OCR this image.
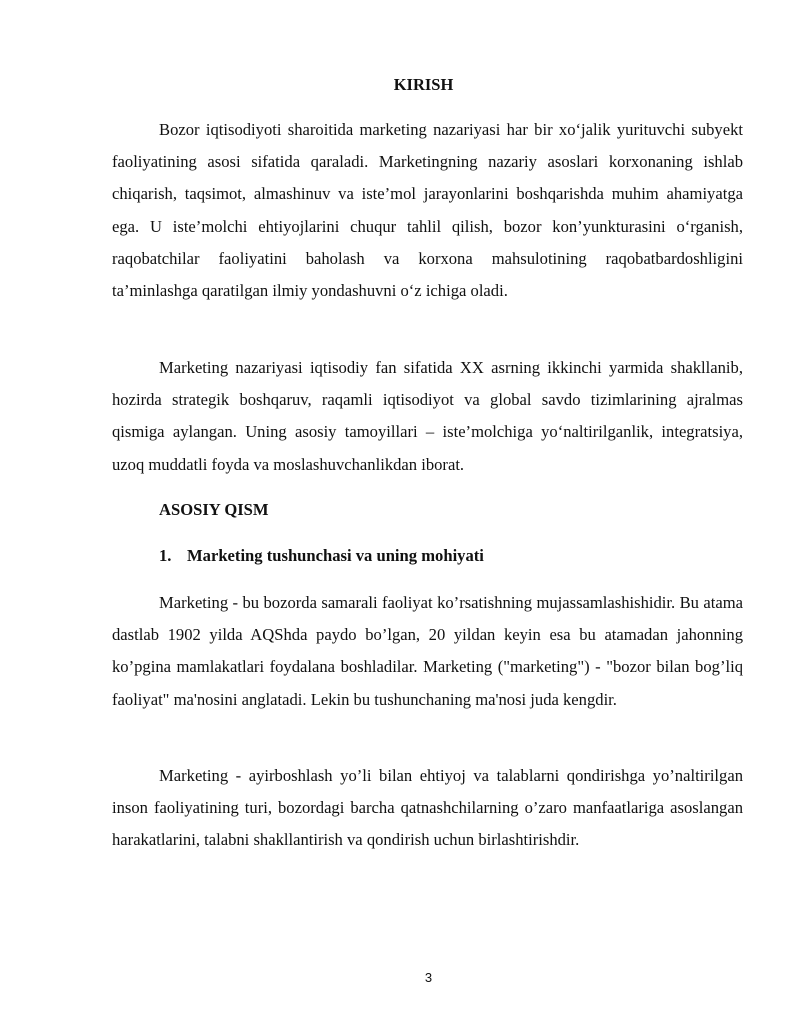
KIRISH

Bozor iqtisodiyoti sharoitida marketing nazariyasi har bir xo‘jalik yurituvchi subyekt faoliyatining asosi sifatida qaraladi. Marketingning nazariy asoslari korxonaning ishlab chiqarish, taqsimot, almashinuv va iste’mol jarayonlarini boshqarishda muhim ahamiyatga ega. U iste’molchi ehtiyojlarini chuqur tahlil qilish, bozor kon’yunkturasini o‘rganish, raqobatchilar faoliyatini baholash va korxona mahsulotining raqobatbardoshligini ta’minlashga qaratilgan ilmiy yondashuvni o‘z ichiga oladi.

Marketing nazariyasi iqtisodiy fan sifatida XX asrning ikkinchi yarmida shakllanib, hozirda strategik boshqaruv, raqamli iqtisodiyot va global savdo tizimlarining ajralmas qismiga aylangan. Uning asosiy tamoyillari – iste’molchiga yo‘naltirilganlik, integratsiya, uzoq muddatli foyda va moslashuvchanlikdan iborat.

ASOSIY QISM
1. Marketing tushunchasi va uning mohiyati

Marketing - bu bozorda samarali faoliyat ko’rsatishning mujassamlashishidir. Bu atama dastlab 1902 yilda AQShda paydo bo’lgan, 20 yildan keyin esa bu atamadan jahonning ko’pgina mamlakatlari foydalana boshladilar. Marketing ("marketing") - "bozor bilan bog’liq faoliyat" ma'nosini anglatadi. Lekin bu tushunchaning ma'nosi juda kengdir.

Marketing - ayirboshlash yo’li bilan ehtiyoj va talablarni qondirishga yo’naltirilgan inson faoliyatining turi, bozordagi barcha qatnashchilarning o’zaro manfaatlariga asoslangan harakatlarini, talabni shakllantirish va qondirish uchun birlashtirishdir.

3
